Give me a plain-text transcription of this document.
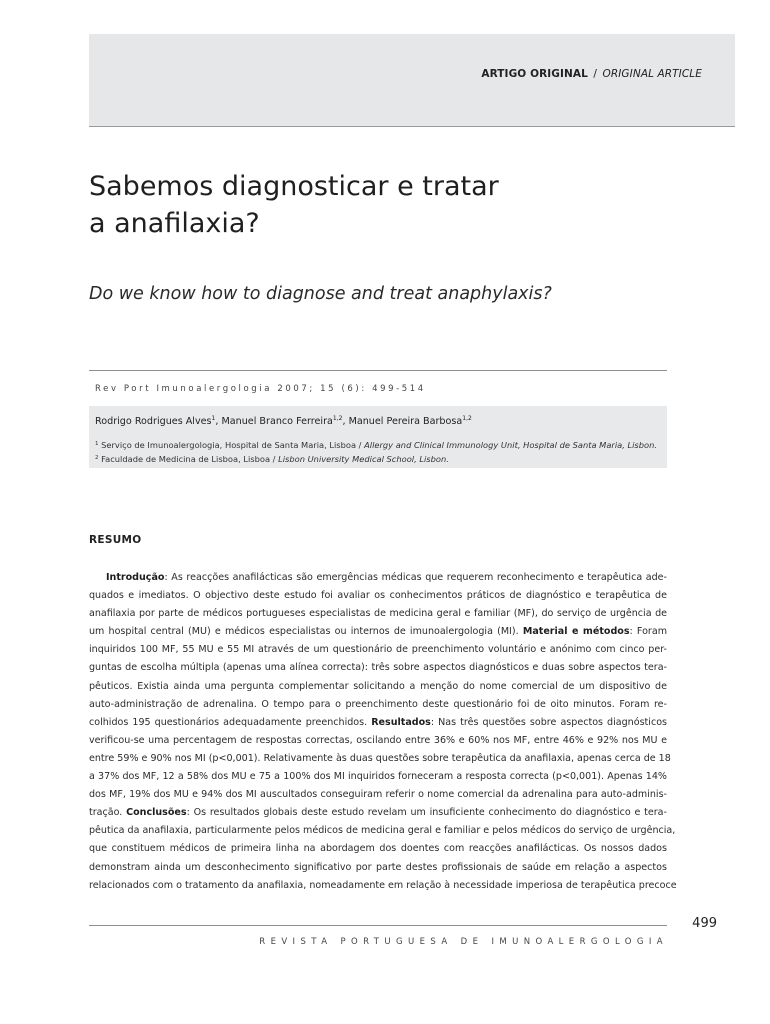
ARTIGO ORIGINAL / ORIGINAL ARTICLE
Sabemos diagnosticar e tratar
a anafilaxia?
Do we know how to diagnose and treat anaphylaxis?
Rev Port Imunoalergologia 2007; 15 (6): 499-514
Rodrigo Rodrigues Alves$^1$, Manuel Branco Ferreira$^{1,2}$, Manuel Pereira Barbosa$^{1,2}$
$^1$ Serviço de Imunoalergologia, Hospital de Santa Maria, Lisboa / Allergy and Clinical Immunology Unit, Hospital de Santa Maria, Lisbon.
$^2$ Faculdade de Medicina de Lisboa, Lisboa / Lisbon University Medical School, Lisbon.
RESUMO
Introdução: As reacções anafilácticas são emergências médicas que requerem reconhecimento e terapêutica ade-
quados e imediatos. O objectivo deste estudo foi avaliar os conhecimentos práticos de diagnóstico e terapêutica de
anafilaxia por parte de médicos portugueses especialistas de medicina geral e familiar (MF), do serviço de urgência de
um hospital central (MU) e médicos especialistas ou internos de imunoalergologia (MI). Material e métodos: Foram
inquiridos 100 MF, 55 MU e 55 MI através de um questionário de preenchimento voluntário e anónimo com cinco per-
guntas de escolha múltipla (apenas uma alínea correcta): três sobre aspectos diagnósticos e duas sobre aspectos tera-
pêuticos. Existia ainda uma pergunta complementar solicitando a menção do nome comercial de um dispositivo de
auto-administração de adrenalina. O tempo para o preenchimento deste questionário foi de oito minutos. Foram re-
colhidos 195 questionários adequadamente preenchidos. Resultados: Nas três questões sobre aspectos diagnósticos
verificou-se uma percentagem de respostas correctas, oscilando entre 36% e 60% nos MF, entre 46% e 92% nos MU e
entre 59% e 90% nos MI (p<0,001). Relativamente às duas questões sobre terapêutica da anafilaxia, apenas cerca de 18
a 37% dos MF, 12 a 58% dos MU e 75 a 100% dos MI inquiridos forneceram a resposta correcta (p<0,001). Apenas 14%
dos MF, 19% dos MU e 94% dos MI auscultados conseguiram referir o nome comercial da adrenalina para auto-adminis-
tração. Conclusões: Os resultados globais deste estudo revelam um insuficiente conhecimento do diagnóstico e tera-
pêutica da anafilaxia, particularmente pelos médicos de medicina geral e familiar e pelos médicos do serviço de urgência,
que constituem médicos de primeira linha na abordagem dos doentes com reacções anafilácticas. Os nossos dados
demonstram ainda um desconhecimento significativo por parte destes profissionais de saúde em relação a aspectos
relacionados com o tratamento da anafilaxia, nomeadamente em relação à necessidade imperiosa de terapêutica precoce
499
REVISTA PORTUGUESA DE IMUNOALERGOLOGIA
